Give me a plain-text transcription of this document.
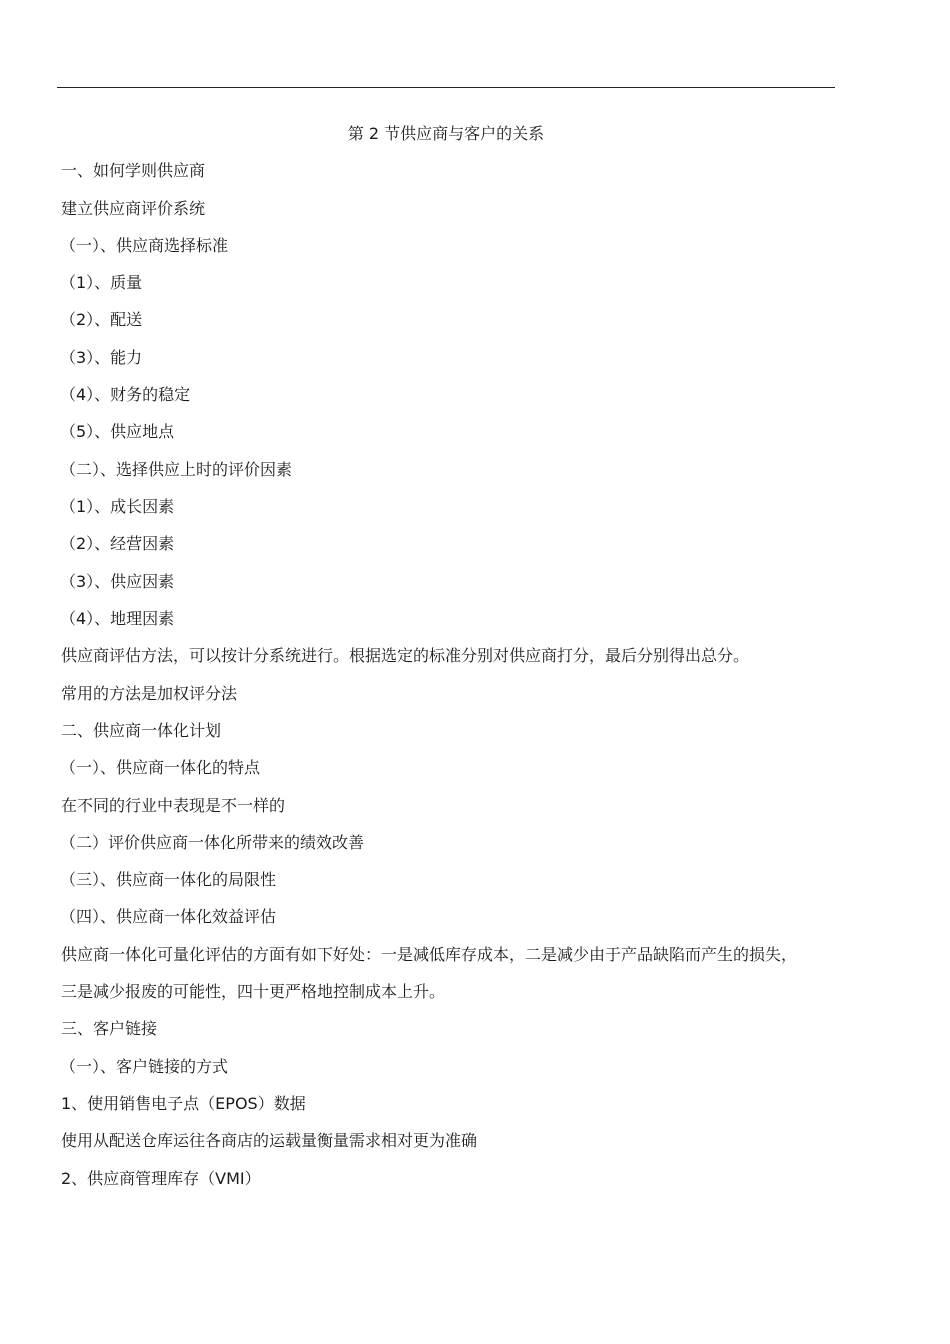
第 2 节供应商与客户的关系
一、如何学则供应商
建立供应商评价系统
（一）、供应商选择标准
（1）、质量
（2）、配送
（3）、能力
（4）、财务的稳定
（5）、供应地点
（二）、选择供应上时的评价因素
（1）、成长因素
（2）、经营因素
（3）、供应因素
（4）、地理因素
供应商评估方法，可以按计分系统进行。根据选定的标准分别对供应商打分，最后分别得出总分。
常用的方法是加权评分法
二、供应商一体化计划
（一）、供应商一体化的特点
在不同的行业中表现是不一样的
（二）评价供应商一体化所带来的绩效改善
（三）、供应商一体化的局限性
（四）、供应商一体化效益评估
供应商一体化可量化评估的方面有如下好处：一是减低库存成本，二是减少由于产品缺陷而产生的损失，
三是减少报废的可能性，四十更严格地控制成本上升。
三、客户链接
（一）、客户链接的方式
1、使用销售电子点（EPOS）数据
使用从配送仓库运往各商店的运载量衡量需求相对更为准确
2、供应商管理库存（VMI）
